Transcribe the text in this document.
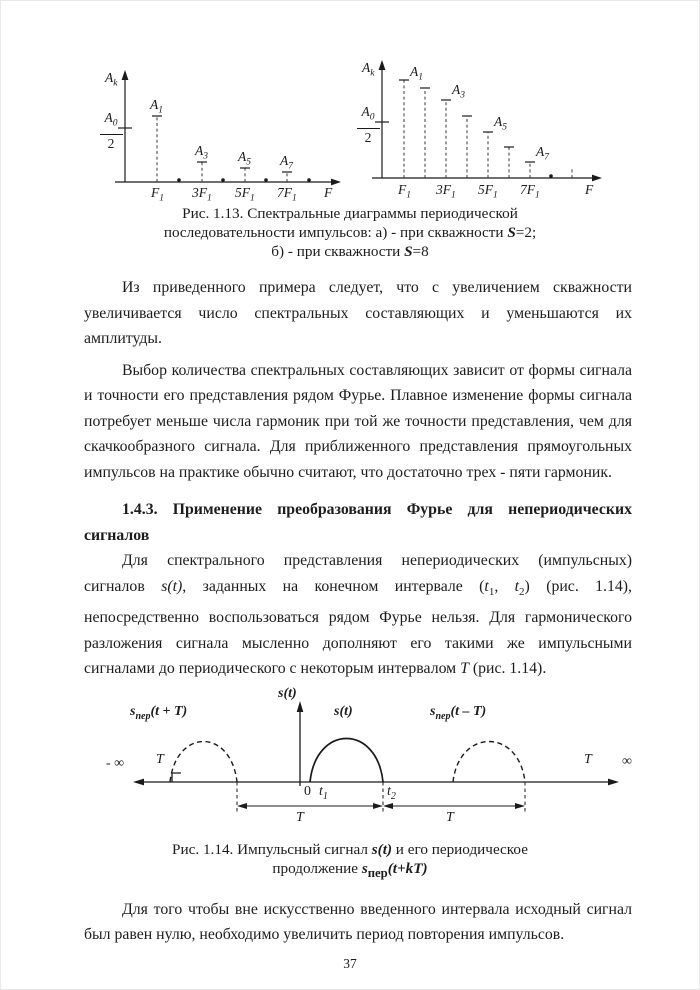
$A_k$
$\frac{A_0}{2}$
$A_1$
$A_3$ $A_5$ $A_7$
$F_1$ $3F_1$ $5F_1$ $7F_1$ F
$A_k$
$\frac{A_0}{2}$
$A_1$
$A_3$
$A_5$
$A_7$
$F_1$ $3F_1$ $5F_1$ $7F_1$	F
Рис. 1.13. Спектральные диаграммы периодической
последовательности импульсов: а) - при скважности S=2;
б) - при скважности S=8

Из приведенного примера следует, что с увеличением скважности увеличивается число спектральных составляющих и уменьшаются их амплитуды.

Выбор количества спектральных составляющих зависит от формы сигнала и точности его представления рядом Фурье. Плавное изменение формы сигнала потребует меньше числа гармоник при той же точности представления, чем для скачкообразного сигнала. Для приближенного представления прямоугольных импульсов на практике обычно считают, что достаточно трех - пяти гармоник.

1.4.3. Применение преобразования Фурье для непериодических сигналов

Для спектрального представления непериодических (импульсных) сигналов s(t), заданных на конечном интервале ($t_1$, $t_2$) (рис. 1.14), непосредственно воспользоваться рядом Фурье нельзя. Для гармонического разложения сигнала мысленно дополняют его такими же импульсными сигналами до периодического с некоторым интервалом T (рис. 1.14).

- ∞ T
s(t)
$s_{пер}(t + T)$	s(t)	$s_{пер}(t - T)$
T ∞
0 $t_1$	$t_2$
T	T
Рис. 1.14. Импульсный сигнал s(t) и его периодическое
продолжение $s_{пер}(t+kT)$

Для того чтобы вне искусственно введенного интервала исходный сигнал был равен нулю, необходимо увеличить период повторения импульсов.

37
